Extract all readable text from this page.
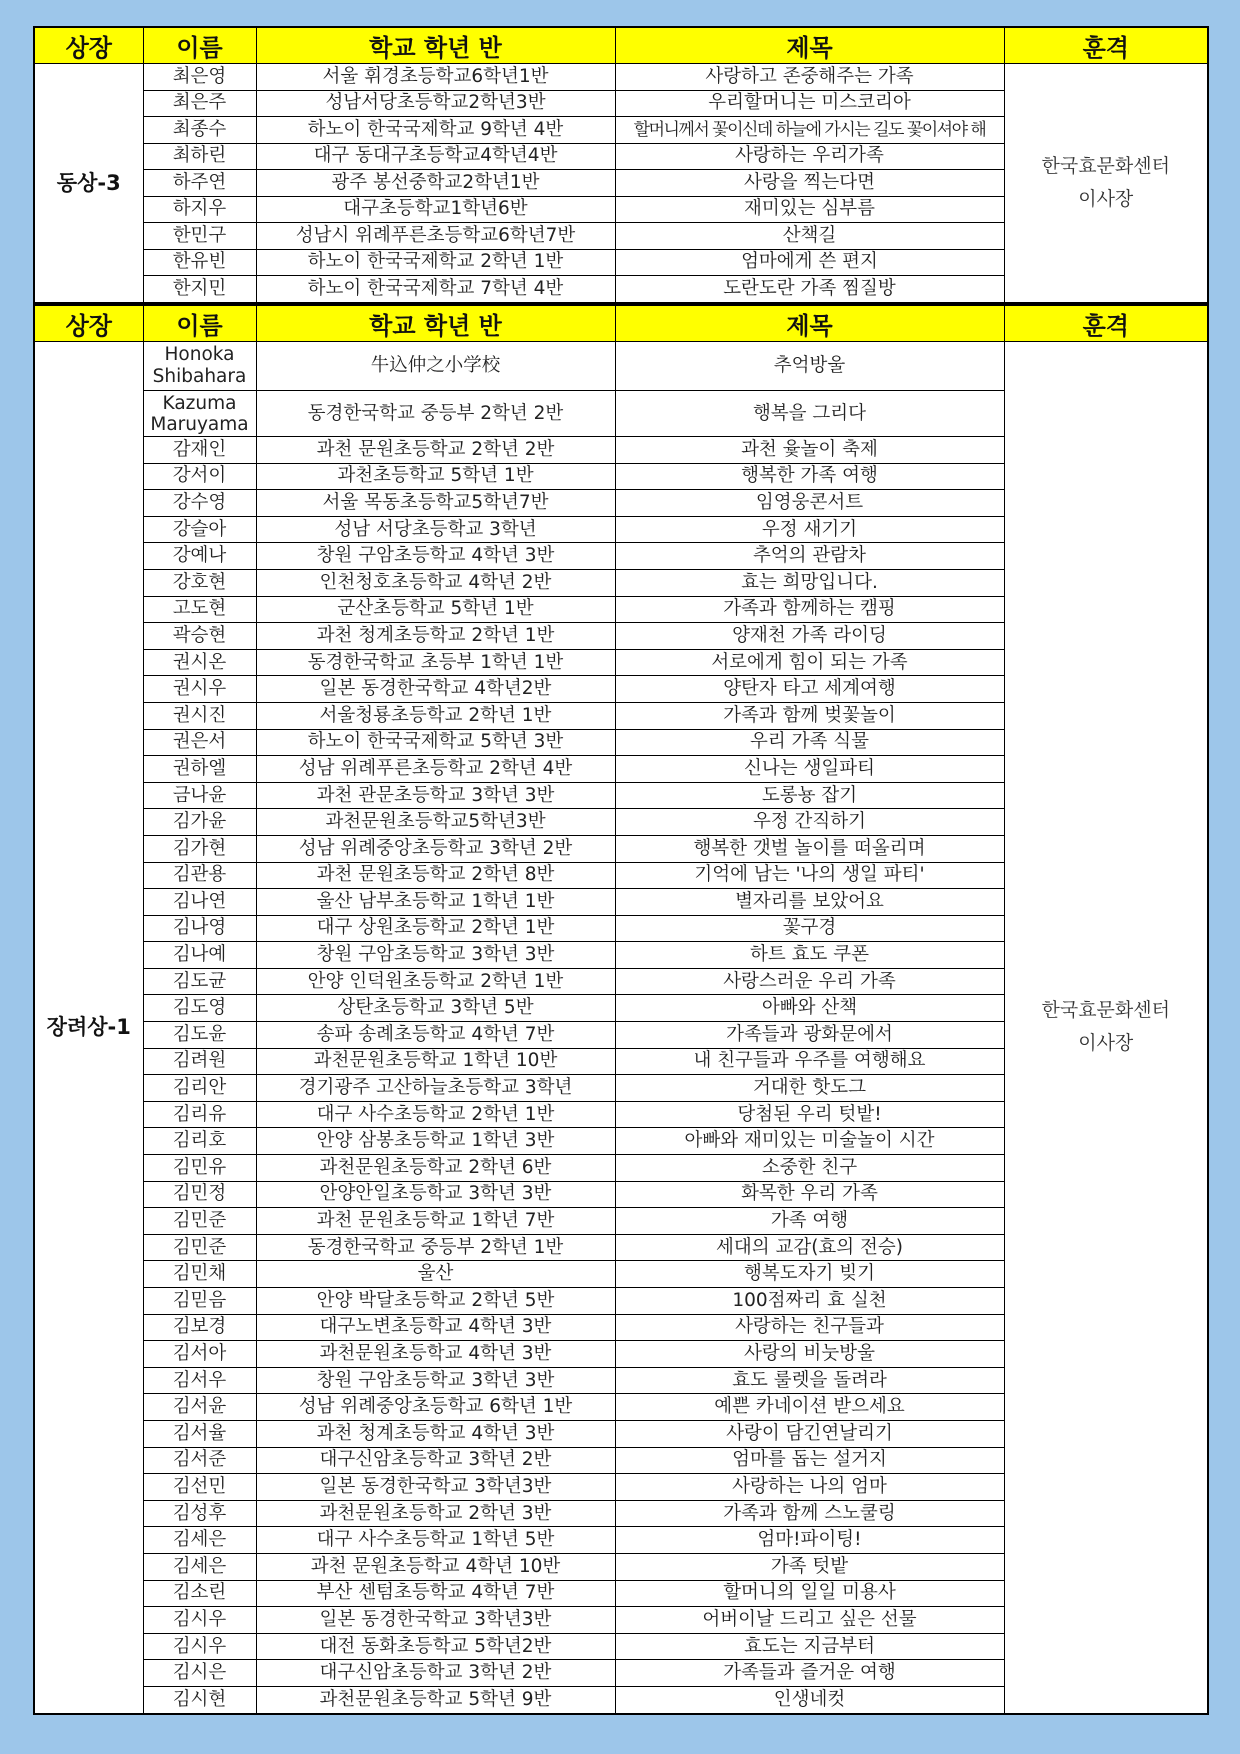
상장	이름	학교 학년 반	제목	훈격
동상-3	최은영	서울 휘경초등학교6학년1반	사랑하고 존중해주는 가족	한국효문화센터
이사장

	최은주	성남서당초등학교2학년3반	우리할머니는 미스코리아	
	최종수	하노이 한국국제학교 9학년 4반	할머니께서 꽃이신데 하늘에 가시는 길도 꽃이셔야 해	
	최하린	대구 동대구초등학교4학년4반	사랑하는 우리가족	
	하주연	광주 봉선중학교2학년1반	사랑을 찍는다면	
	하지우	대구초등학교1학년6반	재미있는 심부름	
	한민구	성남시 위례푸른초등학교6학년7반	산책길	
	한유빈	하노이 한국국제학교 2학년 1반	엄마에게 쓴 편지	
	한지민	하노이 한국국제학교 7학년 4반	도란도란 가족 찜질방	
상장	이름	학교 학년 반	제목	훈격
장려상-1	Honoka
Shibahara	牛込仲之小学校	추억방울	한국효문화센터
이사장

	Kazuma
Maruyama	동경한국학교 중등부 2학년 2반	행복을 그리다	
	감재인	과천 문원초등학교 2학년 2반	과천 윷놀이 축제	
	강서이	과천초등학교 5학년 1반	행복한 가족 여행	
	강수영	서울 목동초등학교5학년7반	임영웅콘서트	
	강슬아	성남 서당초등학교 3학년	우정 새기기	
	강예나	창원 구암초등학교 4학년 3반	추억의 관람차	
	강호현	인천청호초등학교 4학년 2반	효는 희망입니다.	
	고도현	군산초등학교 5학년 1반	가족과 함께하는 캠핑	
	곽승현	과천 청계초등학교 2학년 1반	양재천 가족 라이딩	
	권시온	동경한국학교 초등부 1학년 1반	서로에게 힘이 되는 가족	
	권시우	일본 동경한국학교 4학년2반	양탄자 타고 세계여행	
	권시진	서울청룡초등학교 2학년 1반	가족과 함께 벚꽃놀이	
	권은서	하노이 한국국제학교 5학년 3반	우리 가족 식물	
	권하엘	성남 위례푸른초등학교 2학년 4반	신나는 생일파티	
	금나윤	과천 관문초등학교 3학년 3반	도롱뇽 잡기	
	김가윤	과천문원초등학교5학년3반	우정 간직하기	
	김가현	성남 위례중앙초등학교 3학년 2반	행복한 갯벌 놀이를 떠올리며	
	김관용	과천 문원초등학교 2학년 8반	기억에 남는 '나의 생일 파티'	
	김나연	울산 남부초등학교 1학년 1반	별자리를 보았어요	
	김나영	대구 상원초등학교 2학년 1반	꽃구경	
	김나예	창원 구암초등학교 3학년 3반	하트 효도 쿠폰	
	김도균	안양 인덕원초등학교 2학년 1반	사랑스러운 우리 가족	
	김도영	상탄초등학교 3학년 5반	아빠와 산책	
	김도윤	송파 송례초등학교 4학년 7반	가족들과 광화문에서	
	김려원	과천문원초등학교 1학년 10반	내 친구들과 우주를 여행해요	
	김리안	경기광주 고산하늘초등학교 3학년	거대한 핫도그	
	김리유	대구 사수초등학교 2학년 1반	당첨된 우리 텃밭!	
	김리호	안양 삼봉초등학교 1학년 3반	아빠와 재미있는 미술놀이 시간	
	김민유	과천문원초등학교 2학년 6반	소중한 친구	
	김민정	안양안일초등학교 3학년 3반	화목한 우리 가족	
	김민준	과천 문원초등학교 1학년 7반	가족 여행	
	김민준	동경한국학교 중등부 2학년 1반	세대의 교감(효의 전승)	
	김민채	울산	행복도자기 빚기	
	김믿음	안양 박달초등학교 2학년 5반	100점짜리 효 실천	
	김보경	대구노변초등학교 4학년 3반	사랑하는 친구들과	
	김서아	과천문원초등학교 4학년 3반	사랑의 비눗방울	
	김서우	창원 구암초등학교 3학년 3반	효도 룰렛을 돌려라	
	김서윤	성남 위례중앙초등학교 6학년 1반	예쁜 카네이션 받으세요	
	김서율	과천 청계초등학교 4학년 3반	사랑이 담긴연날리기	
	김서준	대구신암초등학교 3학년 2반	엄마를 돕는 설거지	
	김선민	일본 동경한국학교 3학년3반	사랑하는 나의 엄마	
	김성후	과천문원초등학교 2학년 3반	가족과 함께 스노쿨링	
	김세은	대구 사수초등학교 1학년 5반	엄마!파이팅!	
	김세은	과천 문원초등학교 4학년 10반	가족 텃밭	
	김소린	부산 센텀초등학교 4학년 7반	할머니의 일일 미용사	
	김시우	일본 동경한국학교 3학년3반	어버이날 드리고 싶은 선물	
	김시우	대전 동화초등학교 5학년2반	효도는 지금부터	
	김시은	대구신암초등학교 3학년 2반	가족들과 즐거운 여행	
	김시현	과천문원초등학교 5학년 9반	인생네컷	
